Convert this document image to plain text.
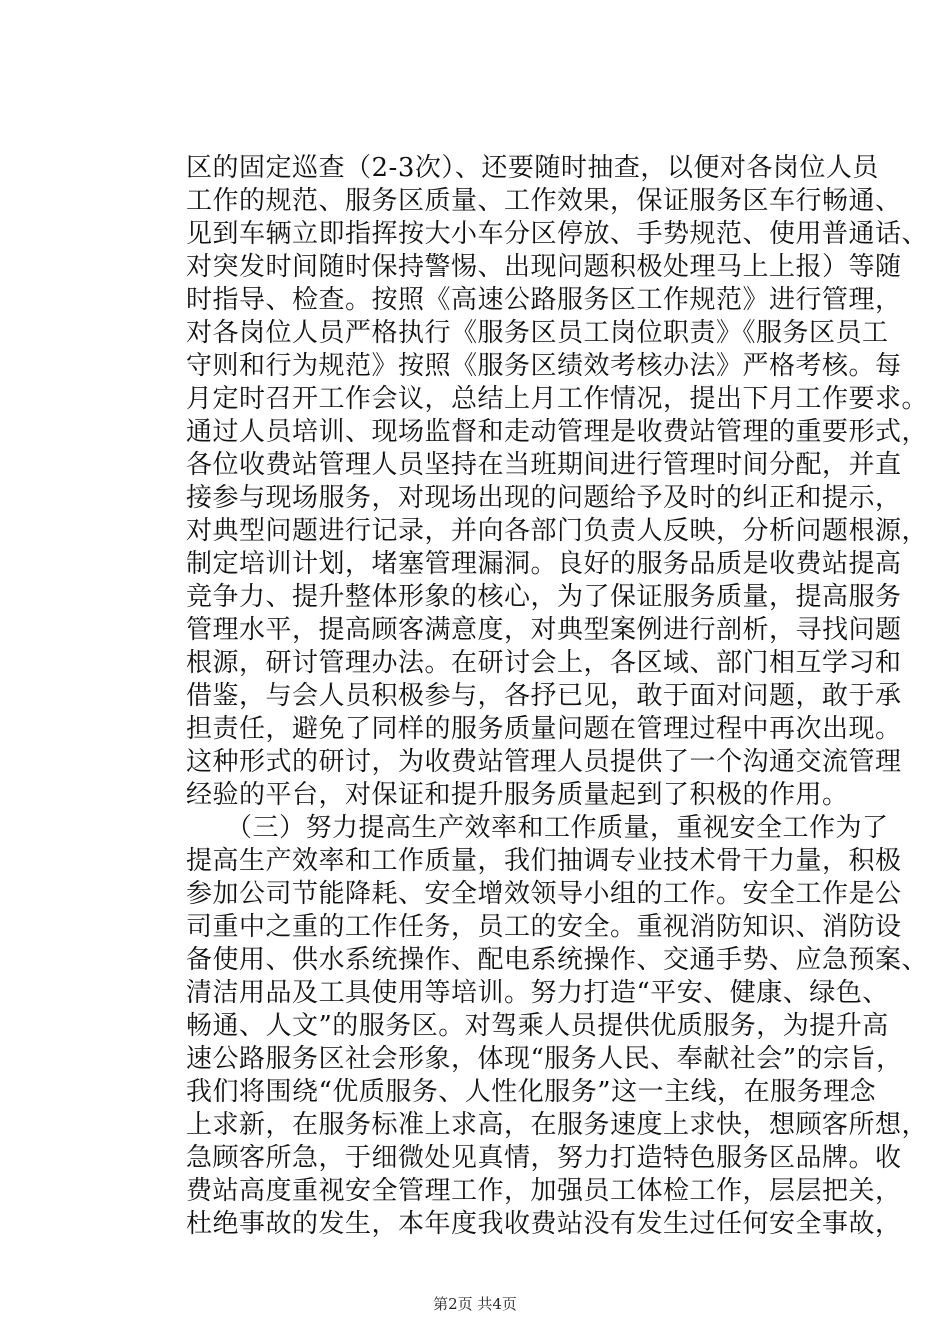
区的固定巡查（2-3次）、还要随时抽查，以便对各岗位人员
工作的规范、服务区质量、工作效果，保证服务区车行畅通、
见到车辆立即指挥按大小车分区停放、手势规范、使用普通话、
对突发时间随时保持警惕、出现问题积极处理马上上报）等随
时指导、检查。按照《高速公路服务区工作规范》进行管理，
对各岗位人员严格执行《服务区员工岗位职责》《服务区员工
守则和行为规范》按照《服务区绩效考核办法》严格考核。每
月定时召开工作会议，总结上月工作情况，提出下月工作要求。
通过人员培训、现场监督和走动管理是收费站管理的重要形式，
各位收费站管理人员坚持在当班期间进行管理时间分配，并直
接参与现场服务，对现场出现的问题给予及时的纠正和提示，
对典型问题进行记录，并向各部门负责人反映，分析问题根源，
制定培训计划，堵塞管理漏洞。良好的服务品质是收费站提高
竞争力、提升整体形象的核心，为了保证服务质量，提高服务
管理水平，提高顾客满意度，对典型案例进行剖析，寻找问题
根源，研讨管理办法。在研讨会上，各区域、部门相互学习和
借鉴，与会人员积极参与，各抒已见，敢于面对问题，敢于承
担责任，避免了同样的服务质量问题在管理过程中再次出现。
这种形式的研讨，为收费站管理人员提供了一个沟通交流管理
经验的平台，对保证和提升服务质量起到了积极的作用。
　　（三）努力提高生产效率和工作质量，重视安全工作为了
提高生产效率和工作质量，我们抽调专业技术骨干力量，积极
参加公司节能降耗、安全增效领导小组的工作。安全工作是公
司重中之重的工作任务，员工的安全。重视消防知识、消防设
备使用、供水系统操作、配电系统操作、交通手势、应急预案、
清洁用品及工具使用等培训。努力打造“平安、健康、绿色、
畅通、人文”的服务区。对驾乘人员提供优质服务，为提升高
速公路服务区社会形象，体现“服务人民、奉献社会”的宗旨，
我们将围绕“优质服务、人性化服务”这一主线，在服务理念
上求新，在服务标准上求高，在服务速度上求快，想顾客所想，
急顾客所急，于细微处见真情，努力打造特色服务区品牌。收
费站高度重视安全管理工作，加强员工体检工作，层层把关，
杜绝事故的发生，本年度我收费站没有发生过任何安全事故，
第2页 共4页
